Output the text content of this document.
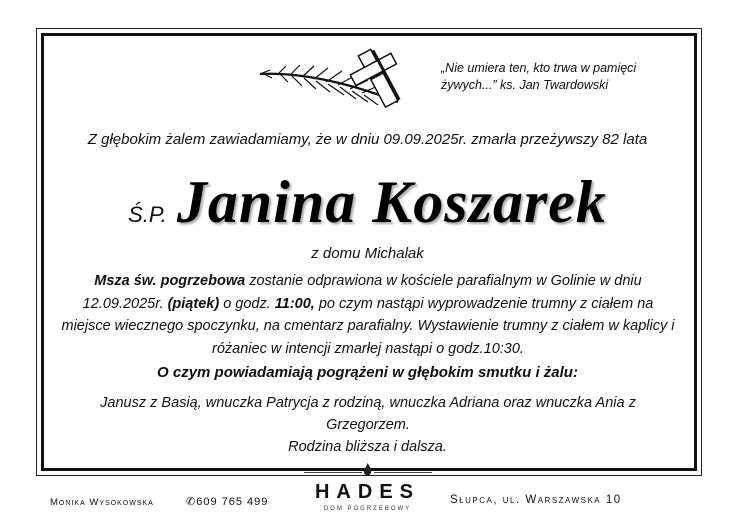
„Nie umiera ten, kto trwa w pamięci
żywych...” ks. Jan Twardowski
Z głębokim żalem zawiadamiamy, że w dniu 09.09.2025r. zmarła przeżywszy 82 lata
Ś.P. Janina Koszarek
z domu Michalak
Msza św. pogrzebowa zostanie odprawiona w kościele parafialnym w Golinie w dniu 12.09.2025r. (piątek) o godz. 11:00, po czym nastąpi wyprowadzenie trumny z ciałem na miejsce wiecznego spoczynku, na cmentarz parafialny. Wystawienie trumny z ciałem w kaplicy i różaniec w intencji zmarłej nastąpi o godz.10:30.
O czym powiadamiają pogrążeni w głębokim smutku i żalu:
Janusz z Basią, wnuczka Patrycja z rodziną, wnuczka Adriana oraz wnuczka Ania z Grzegorzem.
Rodzina bliższa i dalsza.
Monika Wysokowska	✆609 765 499	Słupca, ul. Warszawska 10
HADES
DOM POGRZEBOWY
